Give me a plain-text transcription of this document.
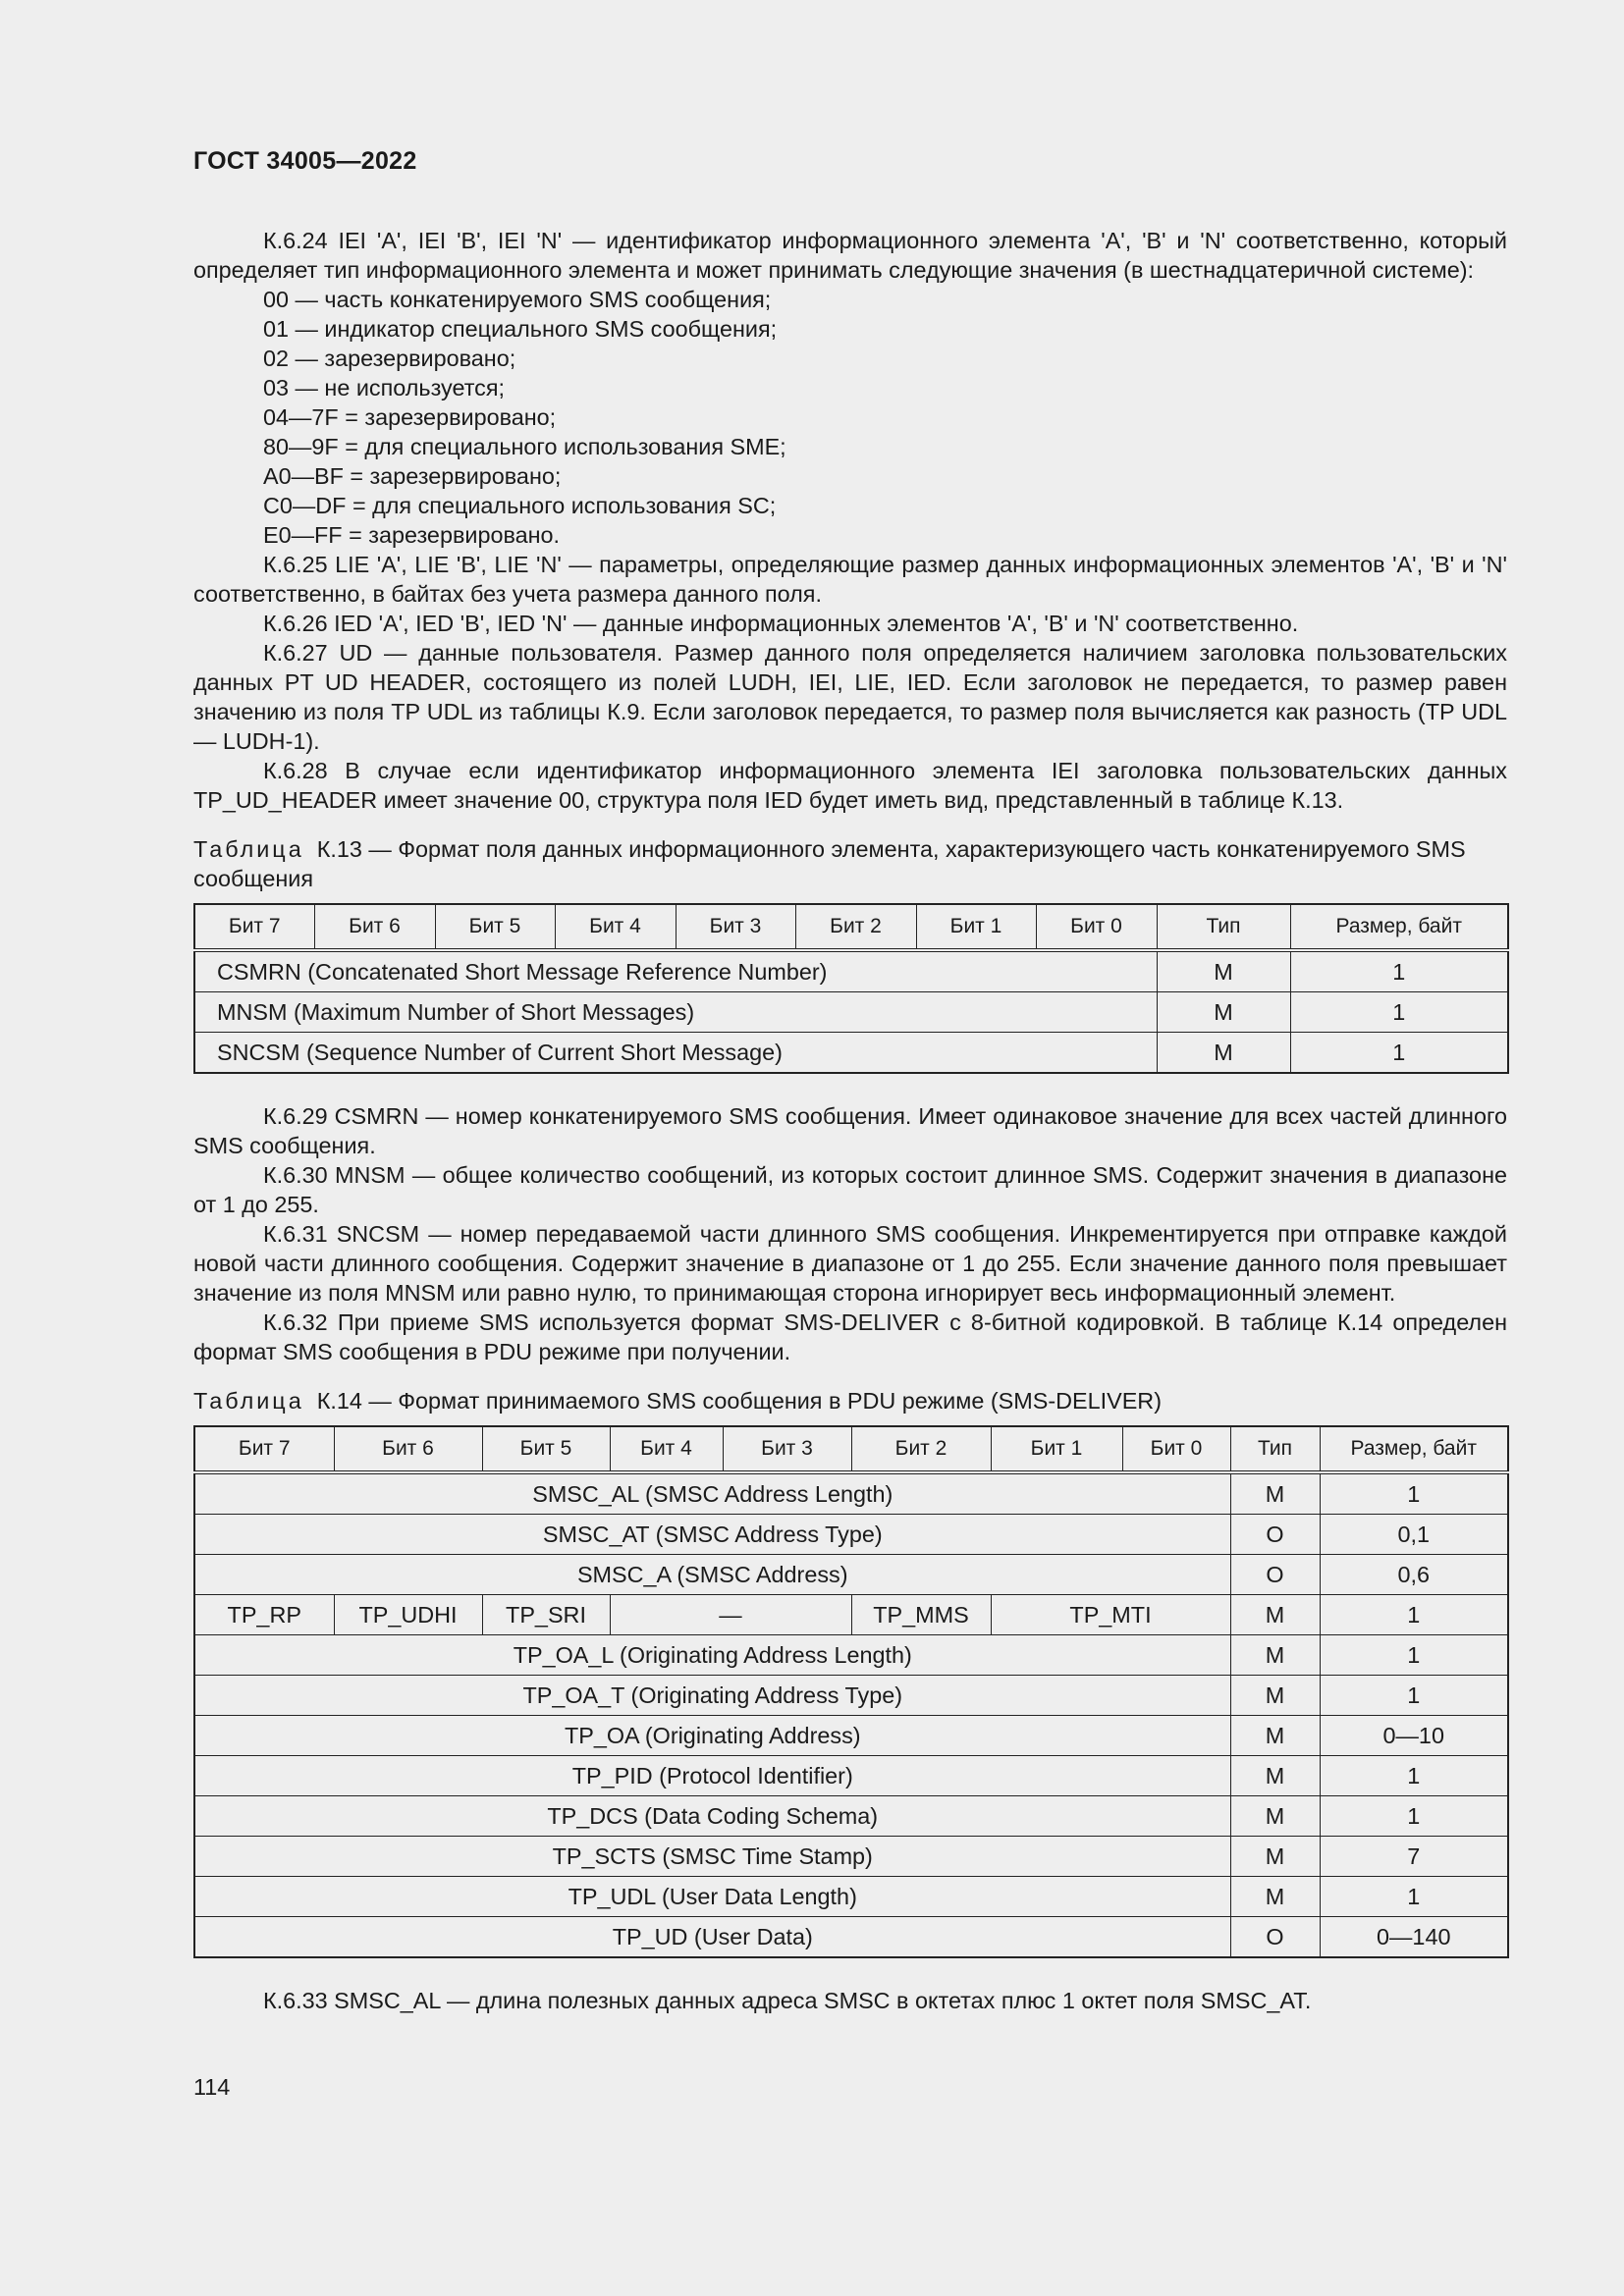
ГОСТ 34005—2022

К.6.24 IEI 'A', IEI 'B', IEI 'N' — идентификатор информационного элемента 'A', 'B' и 'N' соответственно, который определяет тип информационного элемента и может принимать следующие значения (в шестнадцатеричной системе):

00 — часть конкатенируемого SMS сообщения;

01 — индикатор специального SMS сообщения;

02 — зарезервировано;

03 — не используется;

04—7F = зарезервировано;

80—9F = для специального использования SME;

A0—BF = зарезервировано;

C0—DF = для специального использования SC;

E0—FF = зарезервировано.

К.6.25 LIE 'A', LIE 'B', LIE 'N' — параметры, определяющие размер данных информационных элементов 'A', 'B' и 'N' соответственно, в байтах без учета размера данного поля.

К.6.26 IED 'A', IED 'B', IED 'N' — данные информационных элементов 'A', 'B' и 'N' соответственно.

К.6.27 UD — данные пользователя. Размер данного поля определяется наличием заголовка пользовательских данных PT UD HEADER, состоящего из полей LUDH, IEI, LIE, IED. Если заголовок не передается, то размер равен значению из поля TP UDL из таблицы К.9. Если заголовок передается, то размер поля вычисляется как разность (TP UDL — LUDH-1).

К.6.28 В случае если идентификатор информационного элемента IEI заголовка пользовательских данных TP_UD_HEADER имеет значение 00, структура поля IED будет иметь вид, представленный в таблице К.13.

Таблица К.13 — Формат поля данных информационного элемента, характеризующего часть конкатенируемого SMS сообщения

Бит 7	Бит 6	Бит 5	Бит 4	Бит 3	Бит 2	Бит 1	Бит 0	Тип	Размер, байт
CSMRN (Concatenated Short Message Reference Number)								M	1
MNSM (Maximum Number of Short Messages)								M	1
SNCSM (Sequence Number of Current Short Message)								M	1

К.6.29 CSMRN — номер конкатенируемого SMS сообщения. Имеет одинаковое значение для всех частей длинного SMS сообщения.

К.6.30 MNSM — общее количество сообщений, из которых состоит длинное SMS. Содержит значения в диапазоне от 1 до 255.

К.6.31 SNCSM — номер передаваемой части длинного SMS сообщения. Инкрементируется при отправке каждой новой части длинного сообщения. Содержит значение в диапазоне от 1 до 255. Если значение данного поля превышает значение из поля MNSM или равно нулю, то принимающая сторона игнорирует весь информационный элемент.

К.6.32 При приеме SMS используется формат SMS-DELIVER с 8-битной кодировкой. В таблице К.14 определен формат SMS сообщения в PDU режиме при получении.

Таблица К.14 — Формат принимаемого SMS сообщения в PDU режиме (SMS-DELIVER)

Бит 7	Бит 6	Бит 5	Бит 4	Бит 3	Бит 2	Бит 1	Бит 0	Тип	Размер, байт
SMSC_AL (SMSC Address Length)								M	1
SMSC_AT (SMSC Address Type)								O	0,1
SMSC_A (SMSC Address)								O	0,6
TP_RP	TP_UDHI	TP_SRI	—		TP_MMS	TP_MTI		M	1
TP_OA_L (Originating Address Length)								M	1
TP_OA_T (Originating Address Type)								M	1
TP_OA (Originating Address)								M	0—10
TP_PID (Protocol Identifier)								M	1
TP_DCS (Data Coding Schema)								M	1
TP_SCTS (SMSC Time Stamp)								M	7
TP_UDL (User Data Length)								M	1
TP_UD (User Data)								O	0—140

К.6.33 SMSC_AL — длина полезных данных адреса SMSC в октетах плюс 1 октет поля SMSC_AT.

114
